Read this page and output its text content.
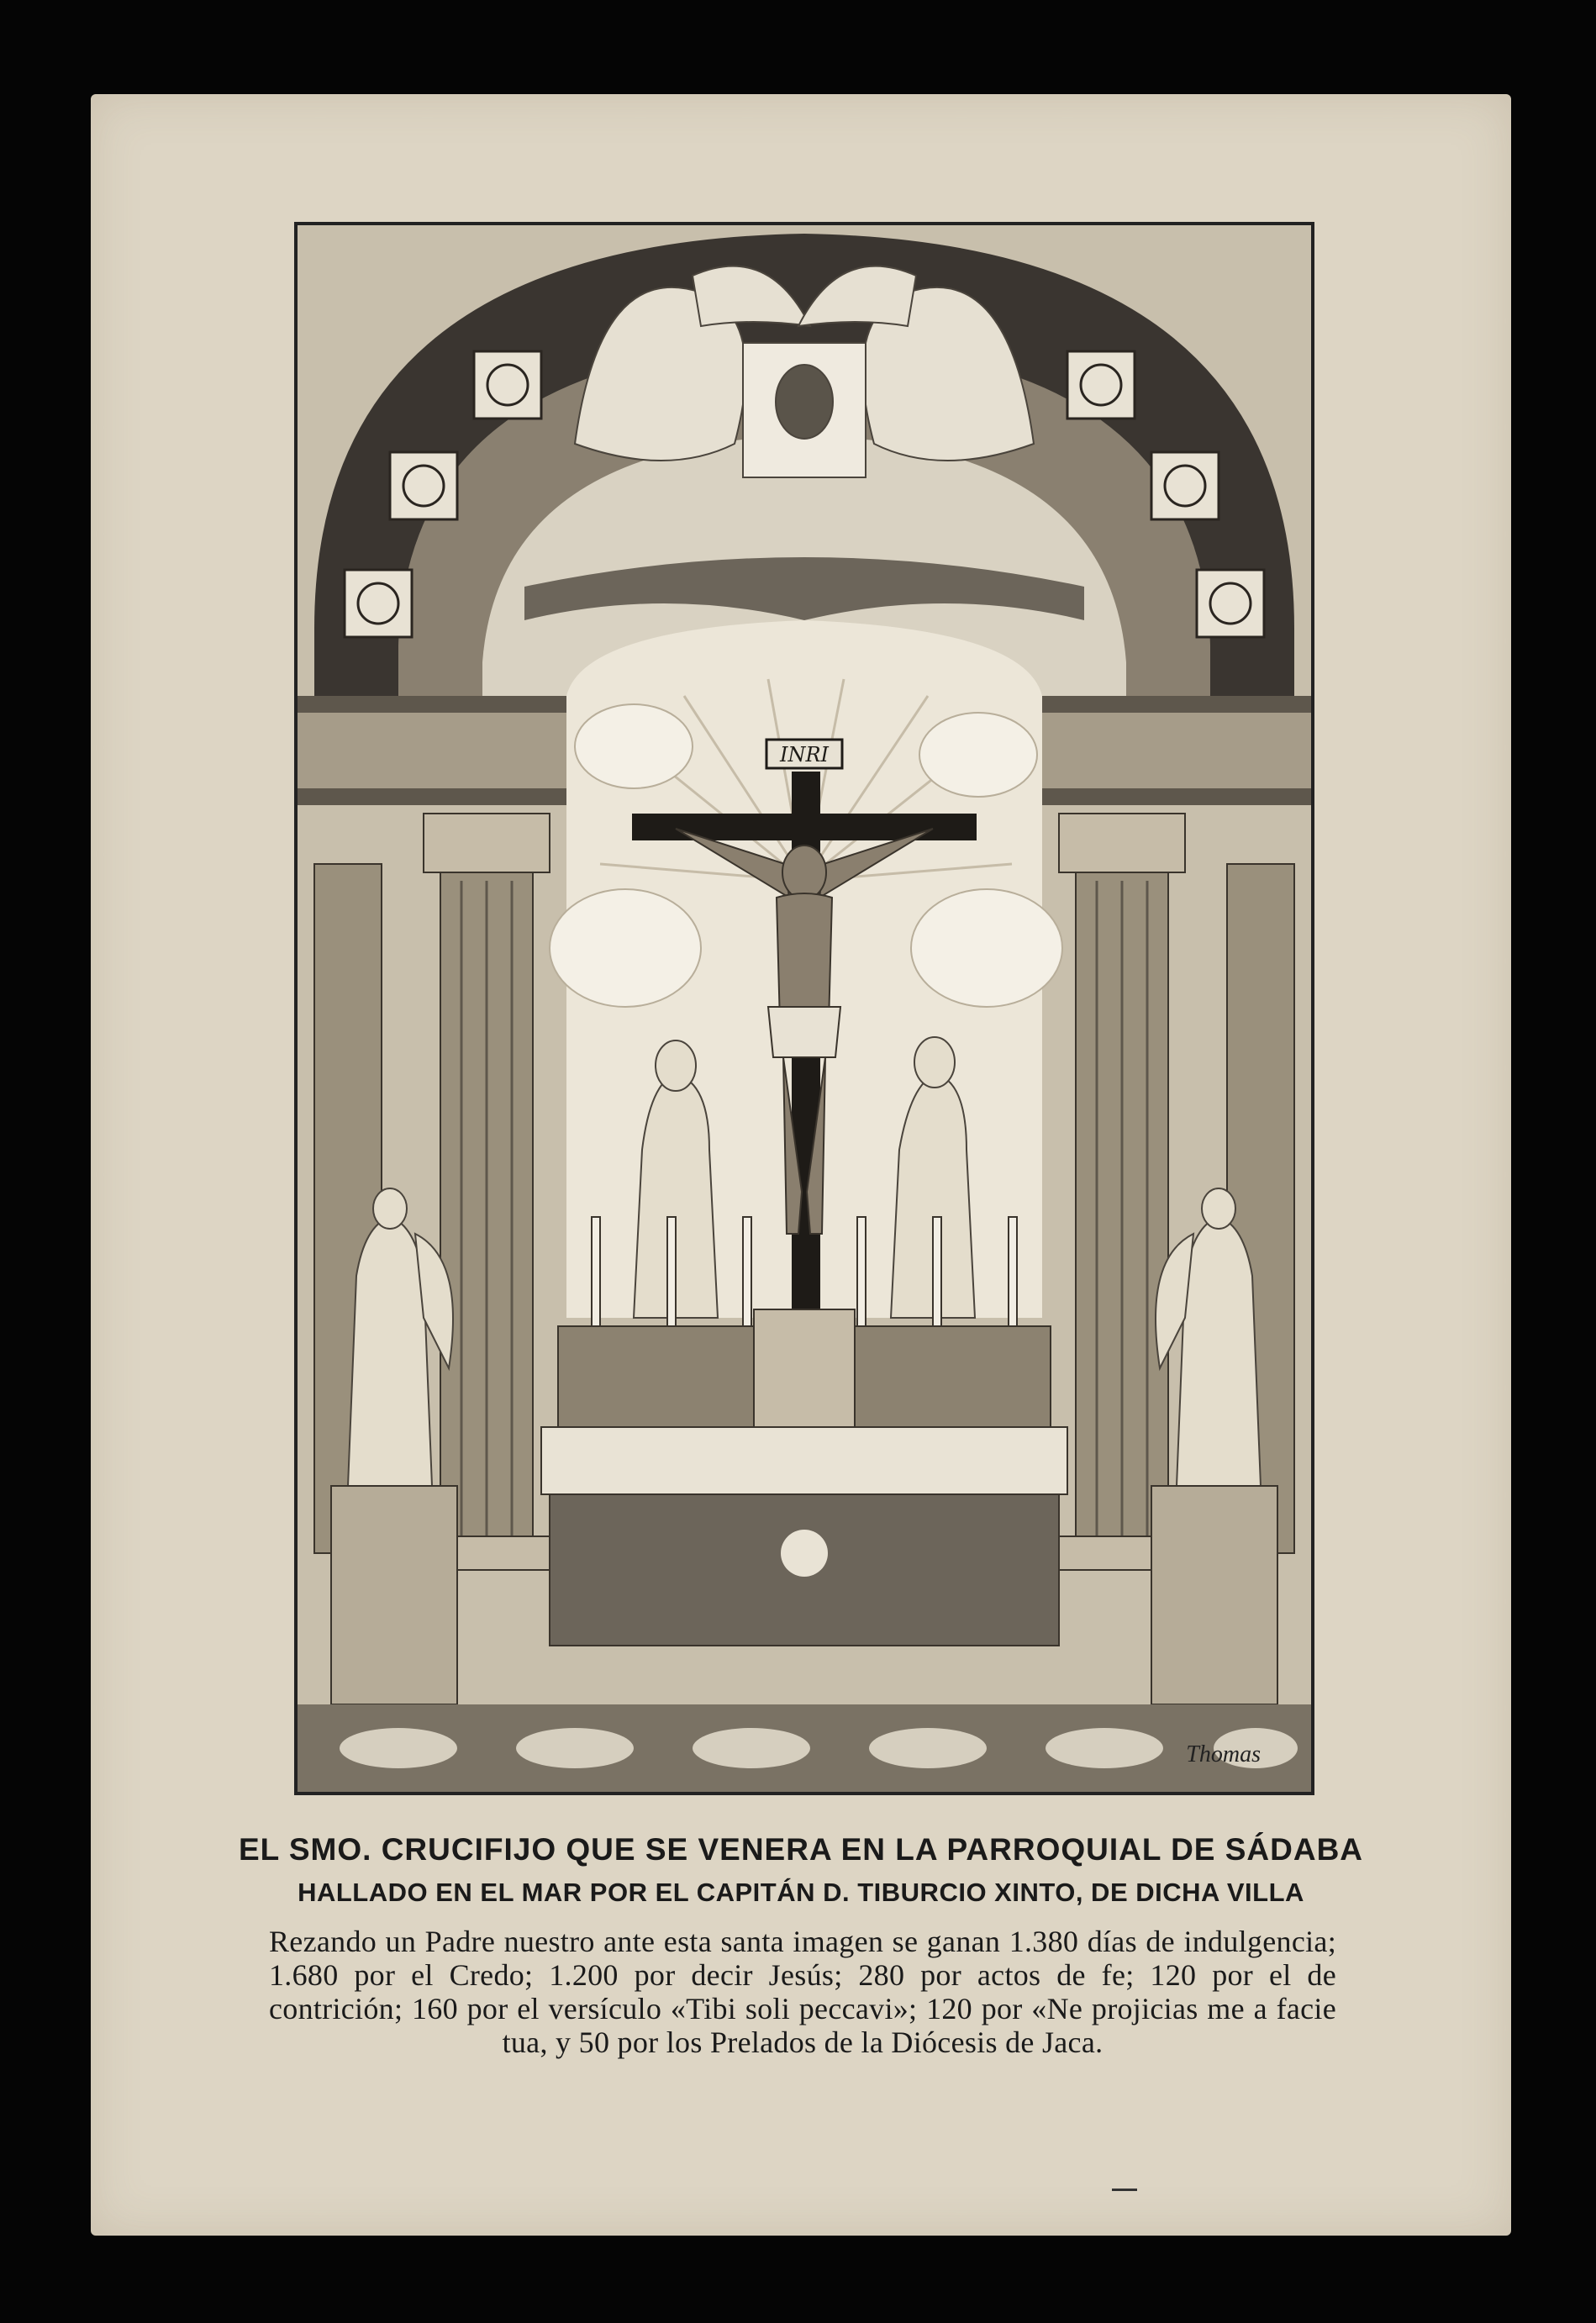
INRI
Thomas
EL SMO. CRUCIFIJO QUE SE VENERA EN LA PARROQUIAL DE SÁDABA
HALLADO EN EL MAR POR EL CAPITÁN D. TIBURCIO XINTO, DE DICHA VILLA
Rezando un Padre nuestro ante esta santa imagen se ganan 1.380 días de indulgencia; 1.680 por el Credo; 1.200 por decir Jesús; 280 por actos de fe; 120 por el de contrición; 160 por el versículo «Tibi soli peccavi»; 120 por «Ne projicias me a facie tua, y 50 por los Prelados de la Diócesis de Jaca.
